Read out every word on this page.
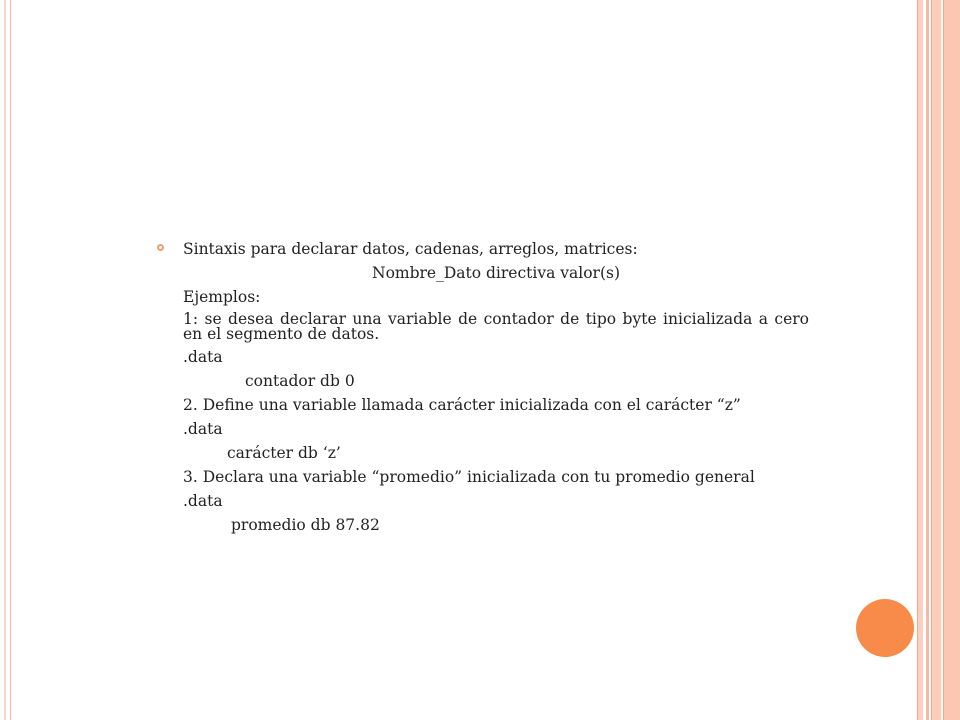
Sintaxis para declarar datos, cadenas, arreglos, matrices:

Nombre_Dato directiva valor(s)

Ejemplos:

1: se desea declarar una variable de contador de tipo byte inicializada a cero en el segmento de datos.

.data

contador db 0

2. Define una variable llamada carácter inicializada con el carácter “z”

.data

carácter db ‘z’

3. Declara una variable “promedio” inicializada con tu promedio general

.data

promedio db 87.82
